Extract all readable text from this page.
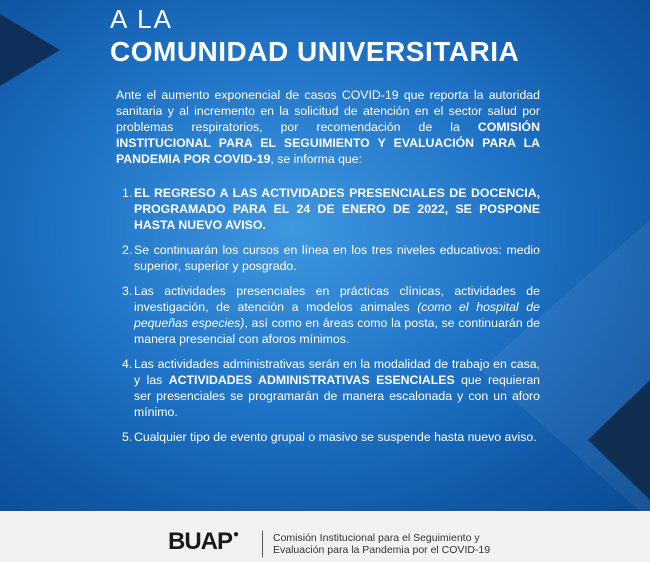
A LA
COMUNIDAD UNIVERSITARIA

Ante el aumento exponencial de casos COVID-19 que reporta la autoridad sanitaria y al incremento en la solicitud de atención en el sector salud por problemas respiratorios, por recomendación de la COMISIÓN INSTITUCIONAL PARA EL SEGUIMIENTO Y EVALUACIÓN PARA LA PANDEMIA POR COVID-19, se informa que:

1. EL REGRESO A LAS ACTIVIDADES PRESENCIALES DE DOCENCIA, PROGRAMADO PARA EL 24 DE ENERO DE 2022, SE POSPONE HASTA NUEVO AVISO.
2. Se continuarán los cursos en línea en los tres niveles educativos: medio superior, superior y posgrado.
3. Las actividades presenciales en prácticas clínicas, actividades de investigación, de atención a modelos animales (como el hospital de pequeñas especies), así como en áreas como la posta, se continuarán de manera presencial con aforos mínimos.
4. Las actividades administrativas serán en la modalidad de trabajo en casa, y las ACTIVIDADES ADMINISTRATIVAS ESENCIALES que requieran ser presenciales se programarán de manera escalonada y con un aforo mínimo.
5. Cualquier tipo de evento grupal o masivo se suspende hasta nuevo aviso.
BUAP●	Comisión Institucional para el Seguimiento y
Evaluación para la Pandemia por el COVID-19
